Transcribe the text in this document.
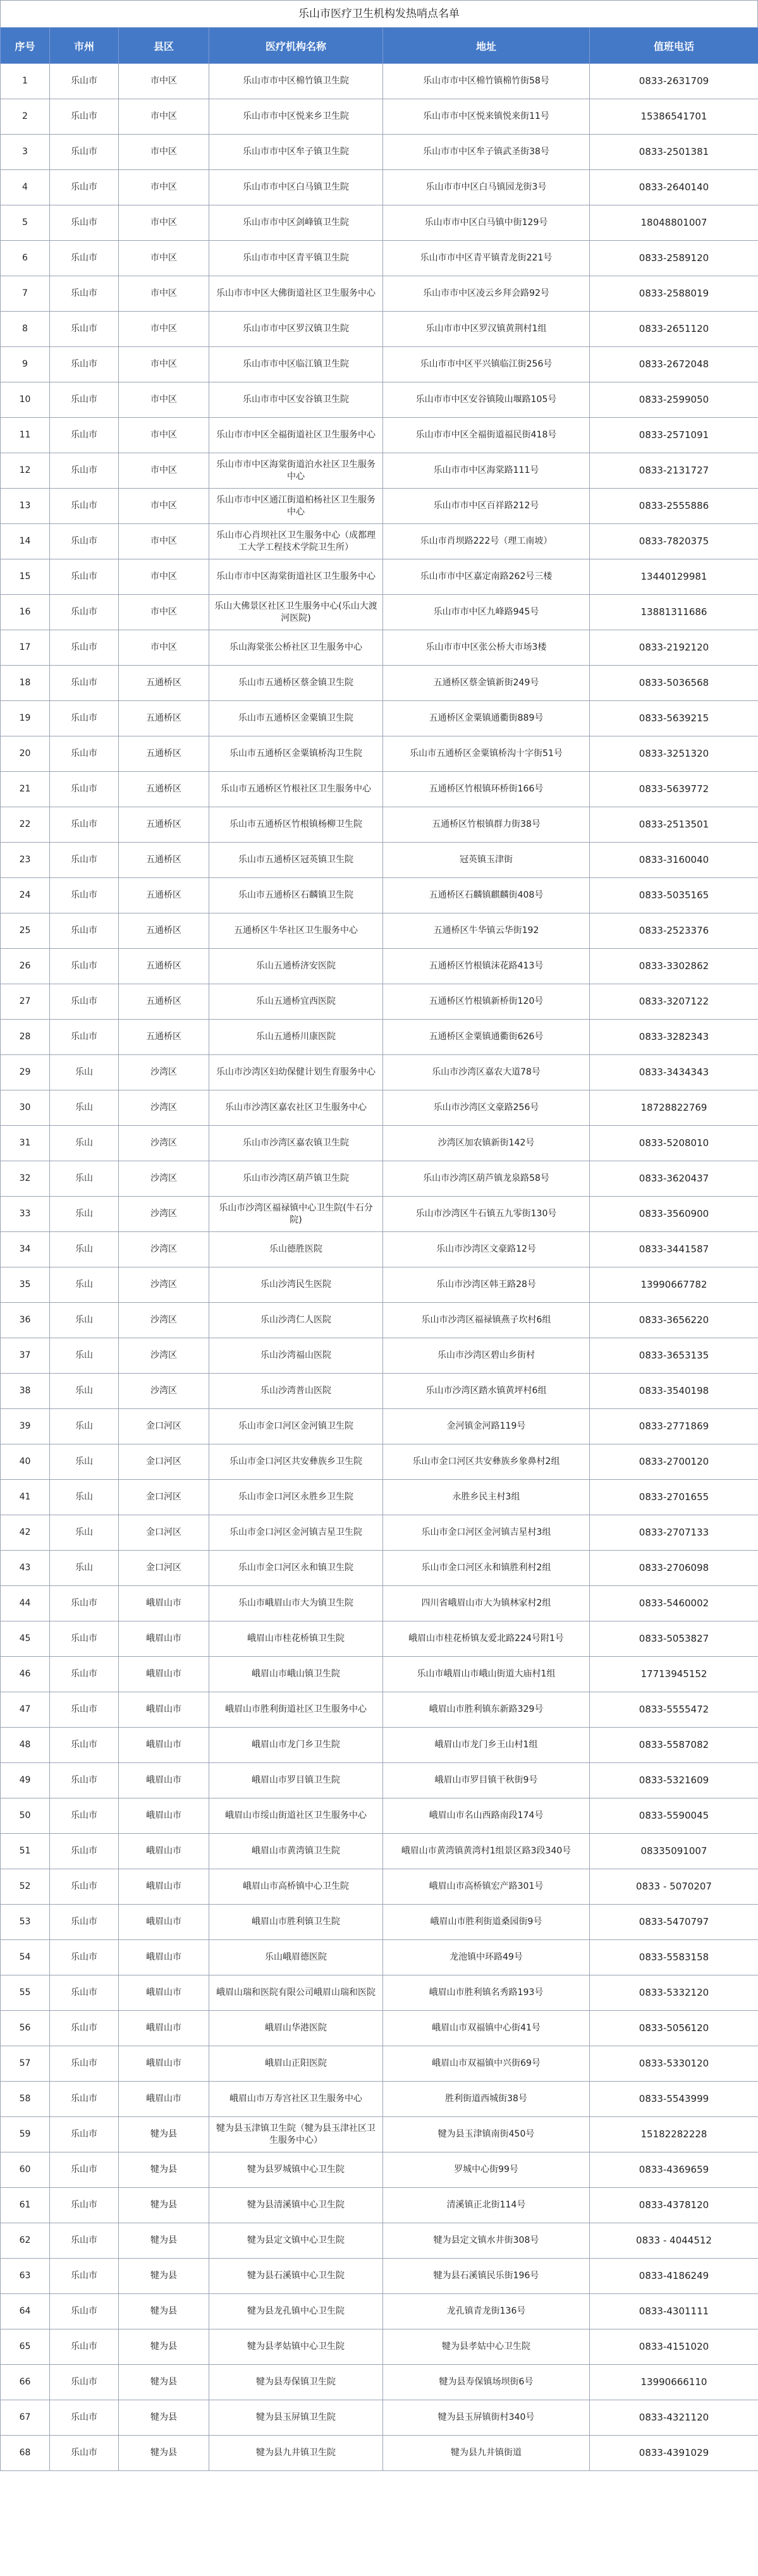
乐山市医疗卫生机构发热哨点名单
序号	市州	县区	医疗机构名称	地址	值班电话
1	乐山市	市中区	乐山市市中区棉竹镇卫生院	乐山市市中区棉竹镇棉竹街58号	0833-2631709
2	乐山市	市中区	乐山市市中区悦来乡卫生院	乐山市市中区悦来镇悦来街11号	15386541701
3	乐山市	市中区	乐山市市中区牟子镇卫生院	乐山市市中区牟子镇武圣街38号	0833-2501381
4	乐山市	市中区	乐山市市中区白马镇卫生院	乐山市市中区白马镇园龙街3号	0833-2640140
5	乐山市	市中区	乐山市市中区剑峰镇卫生院	乐山市市中区白马镇中街129号	18048801007
6	乐山市	市中区	乐山市市中区青平镇卫生院	乐山市市中区青平镇青龙街221号	0833-2589120
7	乐山市	市中区	乐山市市中区大佛街道社区卫生服务中心	乐山市市中区凌云乡拜会路92号	0833-2588019
8	乐山市	市中区	乐山市市中区罗汉镇卫生院	乐山市市中区罗汉镇黄荆村1组	0833-2651120
9	乐山市	市中区	乐山市市中区临江镇卫生院	乐山市市中区平兴镇临江街256号	0833-2672048
10	乐山市	市中区	乐山市市中区安谷镇卫生院	乐山市市中区安谷镇陵山堰路105号	0833-2599050
11	乐山市	市中区	乐山市市中区全福街道社区卫生服务中心	乐山市市中区全福街道福民街418号	0833-2571091
12	乐山市	市中区	乐山市市中区海棠街道泊水社区卫生服务中心	乐山市市中区海棠路111号	0833-2131727
13	乐山市	市中区	乐山市市中区通江街道柏杨社区卫生服务中心	乐山市市中区百祥路212号	0833-2555886
14	乐山市	市中区	乐山市心肖坝社区卫生服务中心（成都理工大学工程技术学院卫生所）	乐山市肖坝路222号（理工南坡）	0833-7820375
15	乐山市	市中区	乐山市市中区海棠街道社区卫生服务中心	乐山市市中区嘉定南路262号三楼	13440129981
16	乐山市	市中区	乐山大佛景区社区卫生服务中心(乐山大渡河医院)	乐山市市中区九峰路945号	13881311686
17	乐山市	市中区	乐山海棠张公桥社区卫生服务中心	乐山市市中区张公桥大市场3楼	0833-2192120
18	乐山市	五通桥区	乐山市五通桥区蔡金镇卫生院	五通桥区蔡金镇新街249号	0833-5036568
19	乐山市	五通桥区	乐山市五通桥区金粟镇卫生院	五通桥区金粟镇通衢街889号	0833-5639215
20	乐山市	五通桥区	乐山市五通桥区金粟镇桥沟卫生院	乐山市五通桥区金粟镇桥沟十字街51号	0833-3251320
21	乐山市	五通桥区	乐山市五通桥区竹根社区卫生服务中心	五通桥区竹根镇环桥街166号	0833-5639772
22	乐山市	五通桥区	乐山市五通桥区竹根镇杨柳卫生院	五通桥区竹根镇群力街38号	0833-2513501
23	乐山市	五通桥区	乐山市五通桥区冠英镇卫生院	冠英镇玉津街	0833-3160040
24	乐山市	五通桥区	乐山市五通桥区石麟镇卫生院	五通桥区石麟镇麒麟街408号	0833-5035165
25	乐山市	五通桥区	五通桥区牛华社区卫生服务中心	五通桥区牛华镇云华街192	0833-2523376
26	乐山市	五通桥区	乐山五通桥济安医院	五通桥区竹根镇沫花路413号	0833-3302862
27	乐山市	五通桥区	乐山五通桥宜西医院	五通桥区竹根镇新桥街120号	0833-3207122
28	乐山市	五通桥区	乐山五通桥川康医院	五通桥区金粟镇通衢街626号	0833-3282343
29	乐山	沙湾区	乐山市沙湾区妇幼保健计划生育服务中心	乐山市沙湾区嘉农大道78号	0833-3434343
30	乐山	沙湾区	乐山市沙湾区嘉农社区卫生服务中心	乐山市沙湾区文豪路256号	18728822769
31	乐山	沙湾区	乐山市沙湾区嘉农镇卫生院	沙湾区加农镇新街142号	0833-5208010
32	乐山	沙湾区	乐山市沙湾区葫芦镇卫生院	乐山市沙湾区葫芦镇龙泉路58号	0833-3620437
33	乐山	沙湾区	乐山市沙湾区福禄镇中心卫生院(牛石分院)	乐山市沙湾区牛石镇五九零街130号	0833-3560900
34	乐山	沙湾区	乐山德胜医院	乐山市沙湾区文豪路12号	0833-3441587
35	乐山	沙湾区	乐山沙湾民生医院	乐山市沙湾区韩王路28号	13990667782
36	乐山	沙湾区	乐山沙湾仁人医院	乐山市沙湾区福禄镇燕子坎村6组	0833-3656220
37	乐山	沙湾区	乐山沙湾福山医院	乐山市沙湾区碧山乡街村	0833-3653135
38	乐山	沙湾区	乐山沙湾普山医院	乐山市沙湾区踏水镇黄坪村6组	0833-3540198
39	乐山	金口河区	乐山市金口河区金河镇卫生院	金河镇金河路119号	0833-2771869
40	乐山	金口河区	乐山市金口河区共安彝族乡卫生院	乐山市金口河区共安彝族乡象鼻村2组	0833-2700120
41	乐山	金口河区	乐山市金口河区永胜乡卫生院	永胜乡民主村3组	0833-2701655
42	乐山	金口河区	乐山市金口河区金河镇吉星卫生院	乐山市金口河区金河镇吉星村3组	0833-2707133
43	乐山	金口河区	乐山市金口河区永和镇卫生院	乐山市金口河区永和镇胜利村2组	0833-2706098
44	乐山市	峨眉山市	乐山市峨眉山市大为镇卫生院	四川省峨眉山市大为镇林家村2组	0833-5460002
45	乐山市	峨眉山市	峨眉山市桂花桥镇卫生院	峨眉山市桂花桥镇友爱北路224号附1号	0833-5053827
46	乐山市	峨眉山市	峨眉山市峨山镇卫生院	乐山市峨眉山市峨山街道大庙村1组	17713945152
47	乐山市	峨眉山市	峨眉山市胜利街道社区卫生服务中心	峨眉山市胜利镇东新路329号	0833-5555472
48	乐山市	峨眉山市	峨眉山市龙门乡卫生院	峨眉山市龙门乡王山村1组	0833-5587082
49	乐山市	峨眉山市	峨眉山市罗目镇卫生院	峨眉山市罗目镇干秋街9号	0833-5321609
50	乐山市	峨眉山市	峨眉山市绥山街道社区卫生服务中心	峨眉山市名山西路南段174号	0833-5590045
51	乐山市	峨眉山市	峨眉山市黄湾镇卫生院	峨眉山市黄湾镇黄湾村1组景区路3段340号	08335091007
52	乐山市	峨眉山市	峨眉山市高桥镇中心卫生院	峨眉山市高桥镇宏产路301号	0833 - 5070207
53	乐山市	峨眉山市	峨眉山市胜利镇卫生院	峨眉山市胜利街道桑园街9号	0833-5470797
54	乐山市	峨眉山市	乐山峨眉德医院	龙池镇中环路49号	0833-5583158
55	乐山市	峨眉山市	峨眉山瑞和医院有限公司峨眉山瑞和医院	峨眉山市胜利镇名秀路193号	0833-5332120
56	乐山市	峨眉山市	峨眉山华港医院	峨眉山市双福镇中心街41号	0833-5056120
57	乐山市	峨眉山市	峨眉山正阳医院	峨眉山市双福镇中兴街69号	0833-5330120
58	乐山市	峨眉山市	峨眉山市万寿宫社区卫生服务中心	胜利街道西城街38号	0833-5543999
59	乐山市	犍为县	犍为县玉津镇卫生院（犍为县玉津社区卫生服务中心）	犍为县玉津镇南街450号	15182282228
60	乐山市	犍为县	犍为县罗城镇中心卫生院	罗城中心街99号	0833-4369659
61	乐山市	犍为县	犍为县清溪镇中心卫生院	清溪镇正北街114号	0833-4378120
62	乐山市	犍为县	犍为县定文镇中心卫生院	犍为县定文镇水井街308号	0833 - 4044512
63	乐山市	犍为县	犍为县石溪镇中心卫生院	犍为县石溪镇民乐街196号	0833-4186249
64	乐山市	犍为县	犍为县龙孔镇中心卫生院	龙孔镇青龙街136号	0833-4301111
65	乐山市	犍为县	犍为县孝姑镇中心卫生院	犍为县孝姑中心卫生院	0833-4151020
66	乐山市	犍为县	犍为县寿保镇卫生院	犍为县寿保镇场坝街6号	13990666110
67	乐山市	犍为县	犍为县玉屏镇卫生院	犍为县玉屏镇街村340号	0833-4321120
68	乐山市	犍为县	犍为县九井镇卫生院	犍为县九井镇街道	0833-4391029
